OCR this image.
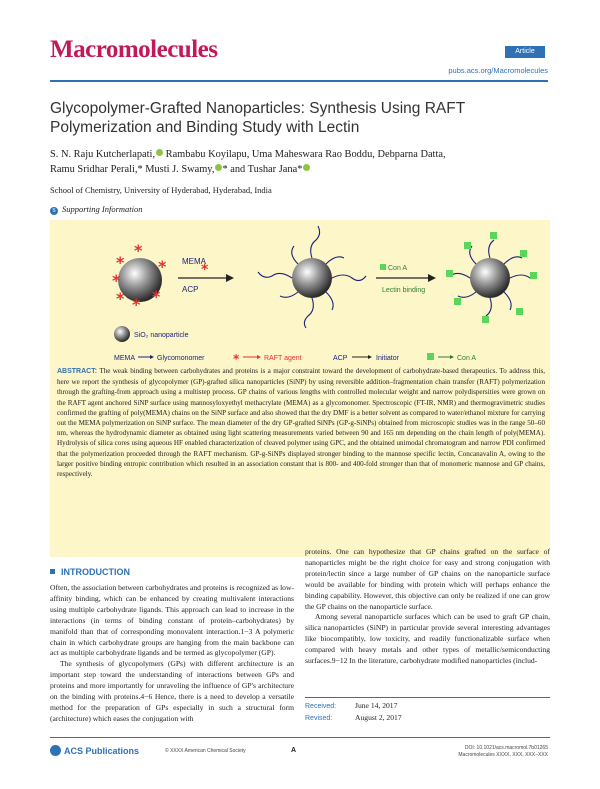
Macromolecules	Article
pubs.acs.org/Macromolecules
Glycopolymer-Grafted Nanoparticles: Synthesis Using RAFT Polymerization and Binding Study with Lectin
S. N. Raju Kutcherlapati, Rambabu Koyilapu, Uma Maheswara Rao Boddu, Debparna Datta,
Ramu Sridhar Perali,* Musti J. Swamy, * and Tushar Jana*
School of Chemistry, University of Hyderabad, Hyderabad, India
S Supporting Information
*
*
*
*
* * *
MEMA
*
ACP
Con A
Lectin binding
SiO₂ nanoparticle
MEMA	Glycomonomer *	RAFT agent	ACP	Initiator	Con A
ABSTRACT: The weak binding between carbohydrates and proteins is a major constraint toward the development of carbohydrate-based therapeutics. To address this, here we report the synthesis of glycopolymer (GP)-grafted silica nanoparticles (SiNP) by using reversible addition–fragmentation chain transfer (RAFT) polymerization through the grafting-from approach using a multistep process. GP chains of various lengths with controlled molecular weight and narrow polydispersities were grown on the RAFT agent anchored SiNP surface using mannosyloxyethyl methacrylate (MEMA) as a glycomonomer. Spectroscopic (FT-IR, NMR) and thermogravimetric studies confirmed the grafting of poly(MEMA) chains on the SiNP surface and also showed that the dry DMF is a better solvent as compared to water/ethanol mixture for carrying out the MEMA polymerization on SiNP surface. The mean diameter of the dry GP-grafted SiNPs (GP-g-SiNPs) obtained from microscopic studies was in the range 50–60 nm, whereas the hydrodynamic diameter as obtained using light scattering measurements varied between 90 and 165 nm depending on the chain length of poly(MEMA). Hydrolysis of silica cores using aqueous HF enabled characterization of cleaved polymer using GPC, and the obtained unimodal chromatogram and narrow PDI confirmed that the polymerization proceeded through the RAFT mechanism. GP-g-SiNPs displayed stronger binding to the mannose specific lectin, Concanavalin A, owing to the larger positive binding entropic contribution which resulted in an association constant that is 800- and 400-fold stronger than that of monomeric mannose and GP chains, respectively.
INTRODUCTION

Often, the association between carbohydrates and proteins is recognized as low-affinity binding, which can be enhanced by creating multivalent interactions using multiple carbohydrate ligands. This approach can lead to increase in the interactions (in terms of binding constant of protein–carbohydrates) by manifold than that of corresponding monovalent interaction.1−3 A polymeric chain in which carbohydrate groups are hanging from the main backbone can act as multiple carbohydrate ligands and be termed as glycopolymer (GP).

The synthesis of glycopolymers (GPs) with different architecture is an important step toward the understanding of interactions between GPs and proteins and more importantly for unraveling the influence of GP's architecture on the binding with proteins.4−6 Hence, there is a need to develop a versatile method for the preparation of GPs especially in such a structural form (architecture) which eases the conjugation with

proteins. One can hypothesize that GP chains grafted on the surface of nanoparticles might be the right choice for easy and strong conjugation with protein/lectin since a large number of GP chains on the nanoparticle surface would be available for binding with protein which will perhaps enhance the binding capability. However, this objective can only be realized if one can grow the GP chains on the nanoparticle surface.

Among several nanoparticle surfaces which can be used to graft GP chain, silica nanoparticles (SiNP) in particular provide several interesting advantages like biocompatibly, low toxicity, and readily functionalizable surface when compared with heavy metals and other types of metallic/semiconducting surfaces.9−12 In the literature, carbohydrate modified nanoparticles (includ-

Received: June 14, 2017
Revised:	August 2, 2017
ACS Publications	© XXXX American Chemical Society	A	DOI: 10.1021/acs.macromol.7b01265
Macromolecules XXXX, XXX, XXX−XXX
